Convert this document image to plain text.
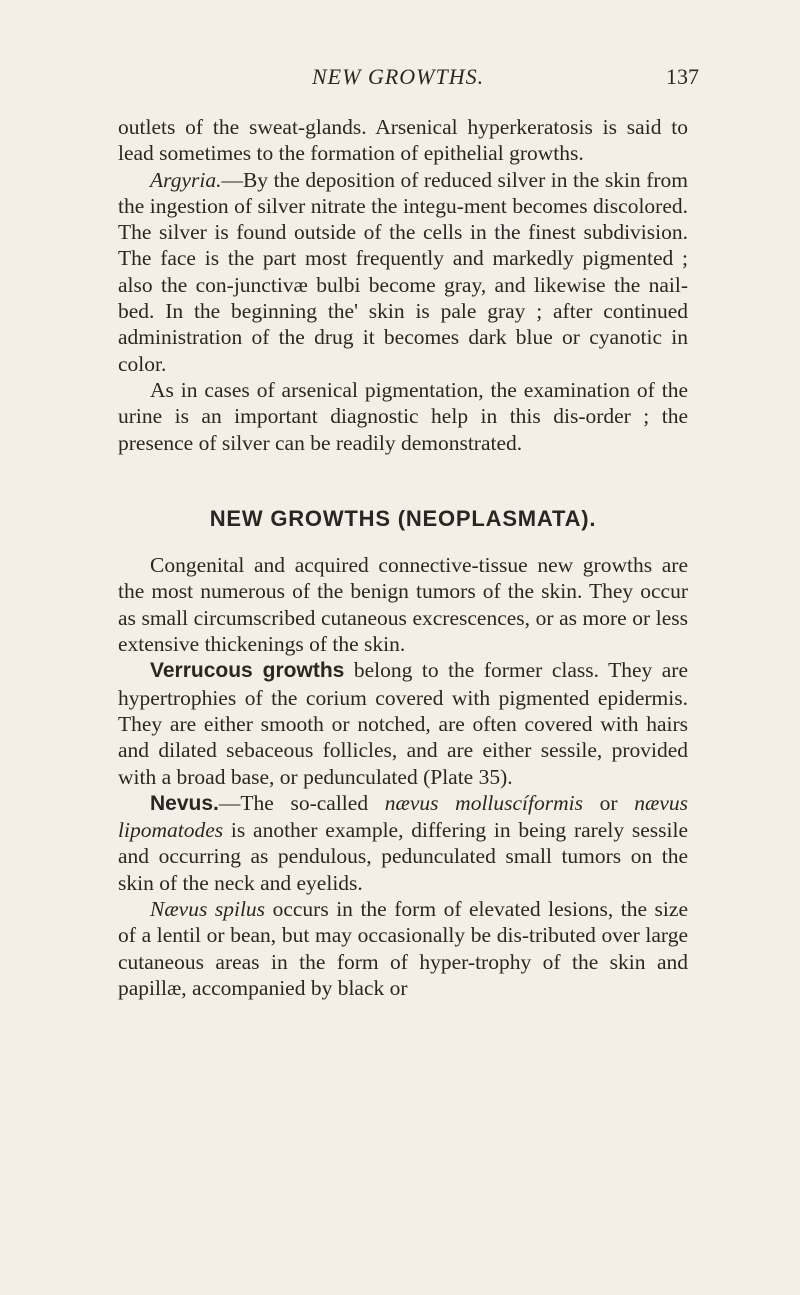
NEW GROWTHS.	137

outlets of the sweat-glands. Arsenical hyperkeratosis is said to lead sometimes to the formation of epithelial growths.

Argyria.—By the deposition of reduced silver in the skin from the ingestion of silver nitrate the integu-ment becomes discolored. The silver is found outside of the cells in the finest subdivision. The face is the part most frequently and markedly pigmented ; also the con-junctivæ bulbi become gray, and likewise the nail-bed. In the beginning the' skin is pale gray ; after continued administration of the drug it becomes dark blue or cyanotic in color.

As in cases of arsenical pigmentation, the examination of the urine is an important diagnostic help in this dis-order ; the presence of silver can be readily demonstrated.

NEW GROWTHS (NEOPLASMATA).

Congenital and acquired connective-tissue new growths are the most numerous of the benign tumors of the skin. They occur as small circumscribed cutaneous excrescences, or as more or less extensive thickenings of the skin.

Verrucous growths belong to the former class. They are hypertrophies of the corium covered with pigmented epidermis. They are either smooth or notched, are often covered with hairs and dilated sebaceous follicles, and are either sessile, provided with a broad base, or pedunculated (Plate 35).

Nevus.—The so-called nævus molluscíformis or nævus lipomatodes is another example, differing in being rarely sessile and occurring as pendulous, pedunculated small tumors on the skin of the neck and eyelids.

Nævus spilus occurs in the form of elevated lesions, the size of a lentil or bean, but may occasionally be dis-tributed over large cutaneous areas in the form of hyper-trophy of the skin and papillæ, accompanied by black or
